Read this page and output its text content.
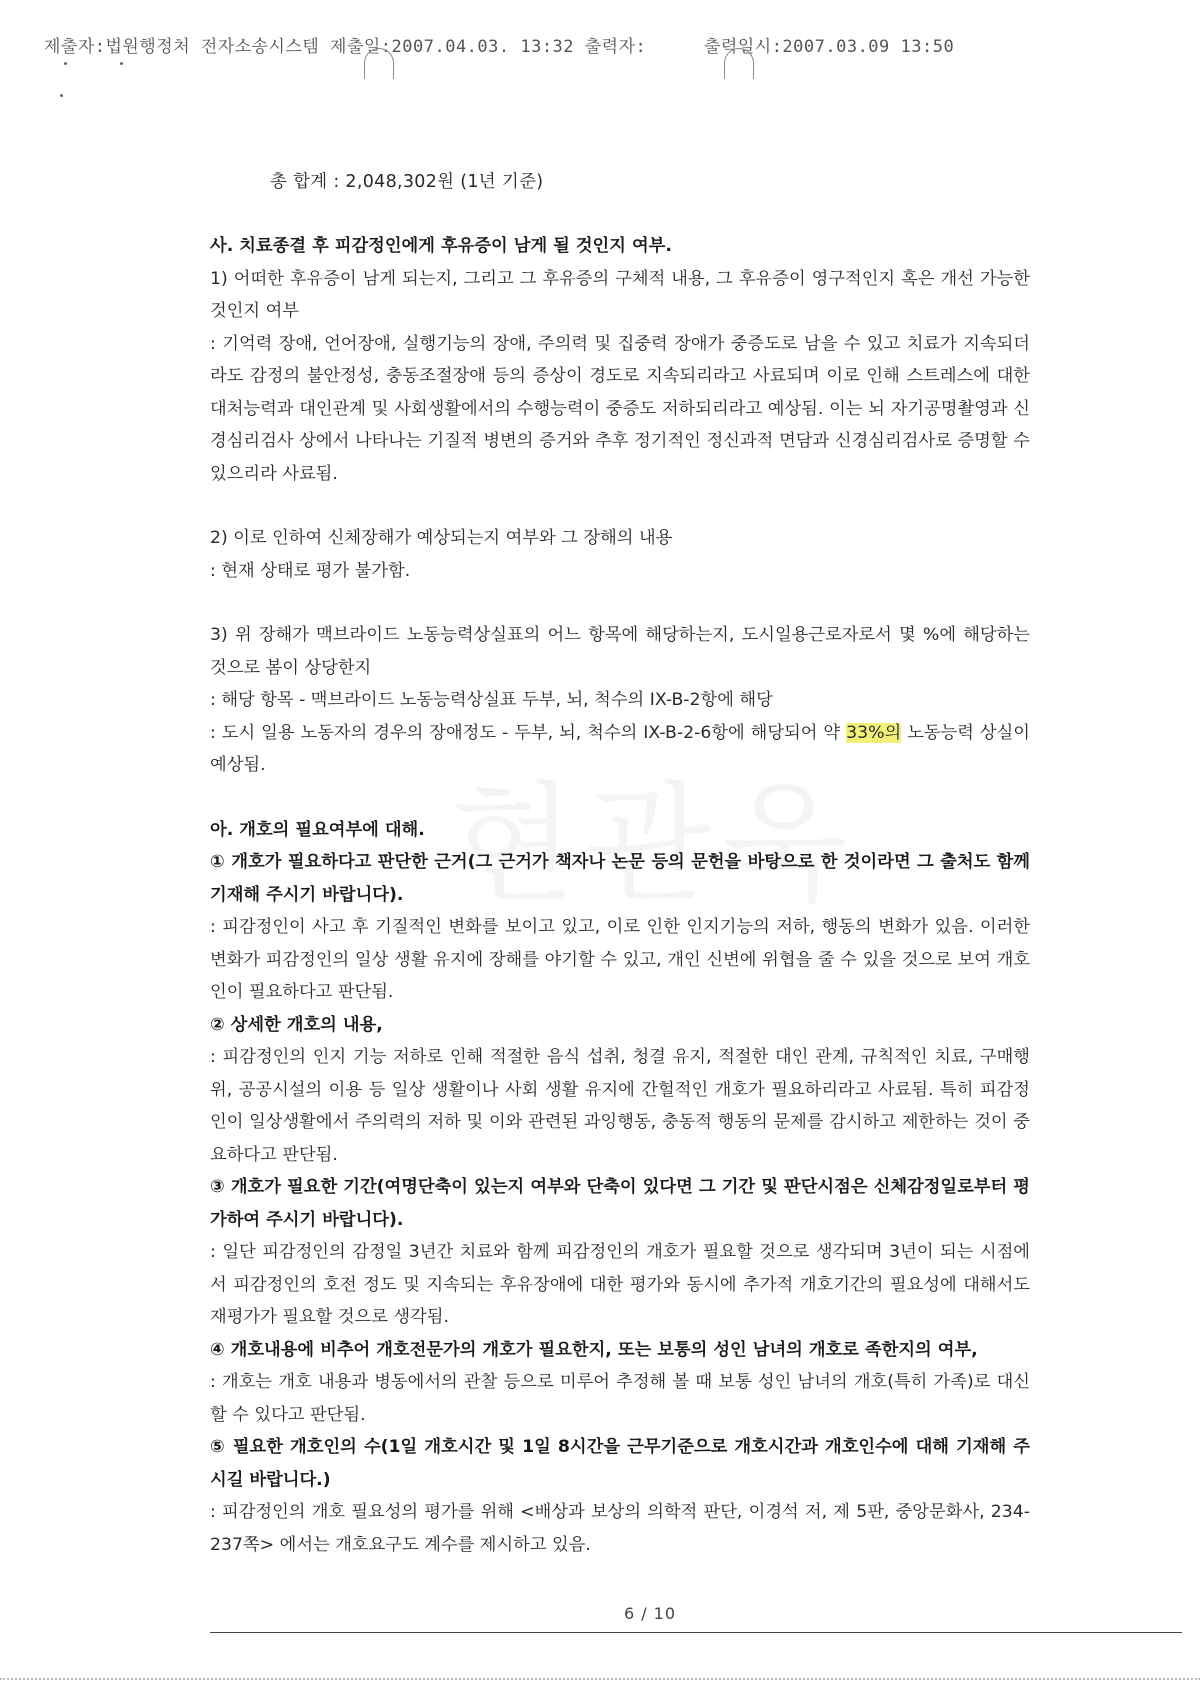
제출자:법원행정처 전자소송시스템 제출일:2007.04.03. 13:32 출력자:	출력일시:2007.03.09 13:50
총 합계 : 2,048,302원 (1년 기준)

사. 치료종결 후 피감정인에게 후유증이 남게 될 것인지 여부.

1) 어떠한 후유증이 남게 되는지, 그리고 그 후유증의 구체적 내용, 그 후유증이 영구적인지 혹은 개선 가능한 것인지 여부

: 기억력 장애, 언어장애, 실행기능의 장애, 주의력 및 집중력 장애가 중증도로 남을 수 있고 치료가 지속되더라도 감정의 불안정성, 충동조절장애 등의 증상이 경도로 지속되리라고 사료되며 이로 인해 스트레스에 대한 대처능력과 대인관계 및 사회생활에서의 수행능력이 중증도 저하되리라고 예상됨. 이는 뇌 자기공명촬영과 신경심리검사 상에서 나타나는 기질적 병변의 증거와 추후 정기적인 정신과적 면담과 신경심리검사로 증명할 수 있으리라 사료됨.

2) 이로 인하여 신체장해가 예상되는지 여부와 그 장해의 내용

: 현재 상태로 평가 불가함.

3) 위 장해가 맥브라이드 노동능력상실표의 어느 항목에 해당하는지, 도시일용근로자로서 몇 %에 해당하는 것으로 봄이 상당한지

: 해당 항목 - 맥브라이드 노동능력상실표 두부, 뇌, 척수의 IX-B-2항에 해당

: 도시 일용 노동자의 경우의 장애정도 - 두부, 뇌, 척수의 IX-B-2-6항에 해당되어 약 33%의 노동능력 상실이 예상됨.

아. 개호의 필요여부에 대해.

① 개호가 필요하다고 판단한 근거(그 근거가 책자나 논문 등의 문헌을 바탕으로 한 것이라면 그 출처도 함께 기재해 주시기 바랍니다).

: 피감정인이 사고 후 기질적인 변화를 보이고 있고, 이로 인한 인지기능의 저하, 행동의 변화가 있음. 이러한 변화가 피감정인의 일상 생활 유지에 장해를 야기할 수 있고, 개인 신변에 위협을 줄 수 있을 것으로 보여 개호인이 필요하다고 판단됨.

② 상세한 개호의 내용,

: 피감정인의 인지 기능 저하로 인해 적절한 음식 섭취, 청결 유지, 적절한 대인 관계, 규칙적인 치료, 구매행위, 공공시설의 이용 등 일상 생활이나 사회 생활 유지에 간헐적인 개호가 필요하리라고 사료됨. 특히 피감정인이 일상생활에서 주의력의 저하 및 이와 관련된 과잉행동, 충동적 행동의 문제를 감시하고 제한하는 것이 중요하다고 판단됨.

③ 개호가 필요한 기간(여명단축이 있는지 여부와 단축이 있다면 그 기간 및 판단시점은 신체감정일로부터 평가하여 주시기 바랍니다).

: 일단 피감정인의 감정일 3년간 치료와 함께 피감정인의 개호가 필요할 것으로 생각되며 3년이 되는 시점에서 피감정인의 호전 정도 및 지속되는 후유장애에 대한 평가와 동시에 추가적 개호기간의 필요성에 대해서도 재평가가 필요할 것으로 생각됨.

④ 개호내용에 비추어 개호전문가의 개호가 필요한지, 또는 보통의 성인 남녀의 개호로 족한지의 여부,

: 개호는 개호 내용과 병동에서의 관찰 등으로 미루어 추정해 볼 때 보통 성인 남녀의 개호(특히 가족)로 대신할 수 있다고 판단됨.

⑤ 필요한 개호인의 수(1일 개호시간 및 1일 8시간을 근무기준으로 개호시간과 개호인수에 대해 기재해 주시길 바랍니다.)

: 피감정인의 개호 필요성의 평가를 위해 <배상과 보상의 의학적 판단, 이경석 저, 제 5판, 중앙문화사, 234-237쪽> 에서는 개호요구도 계수를 제시하고 있음.

6 / 10
